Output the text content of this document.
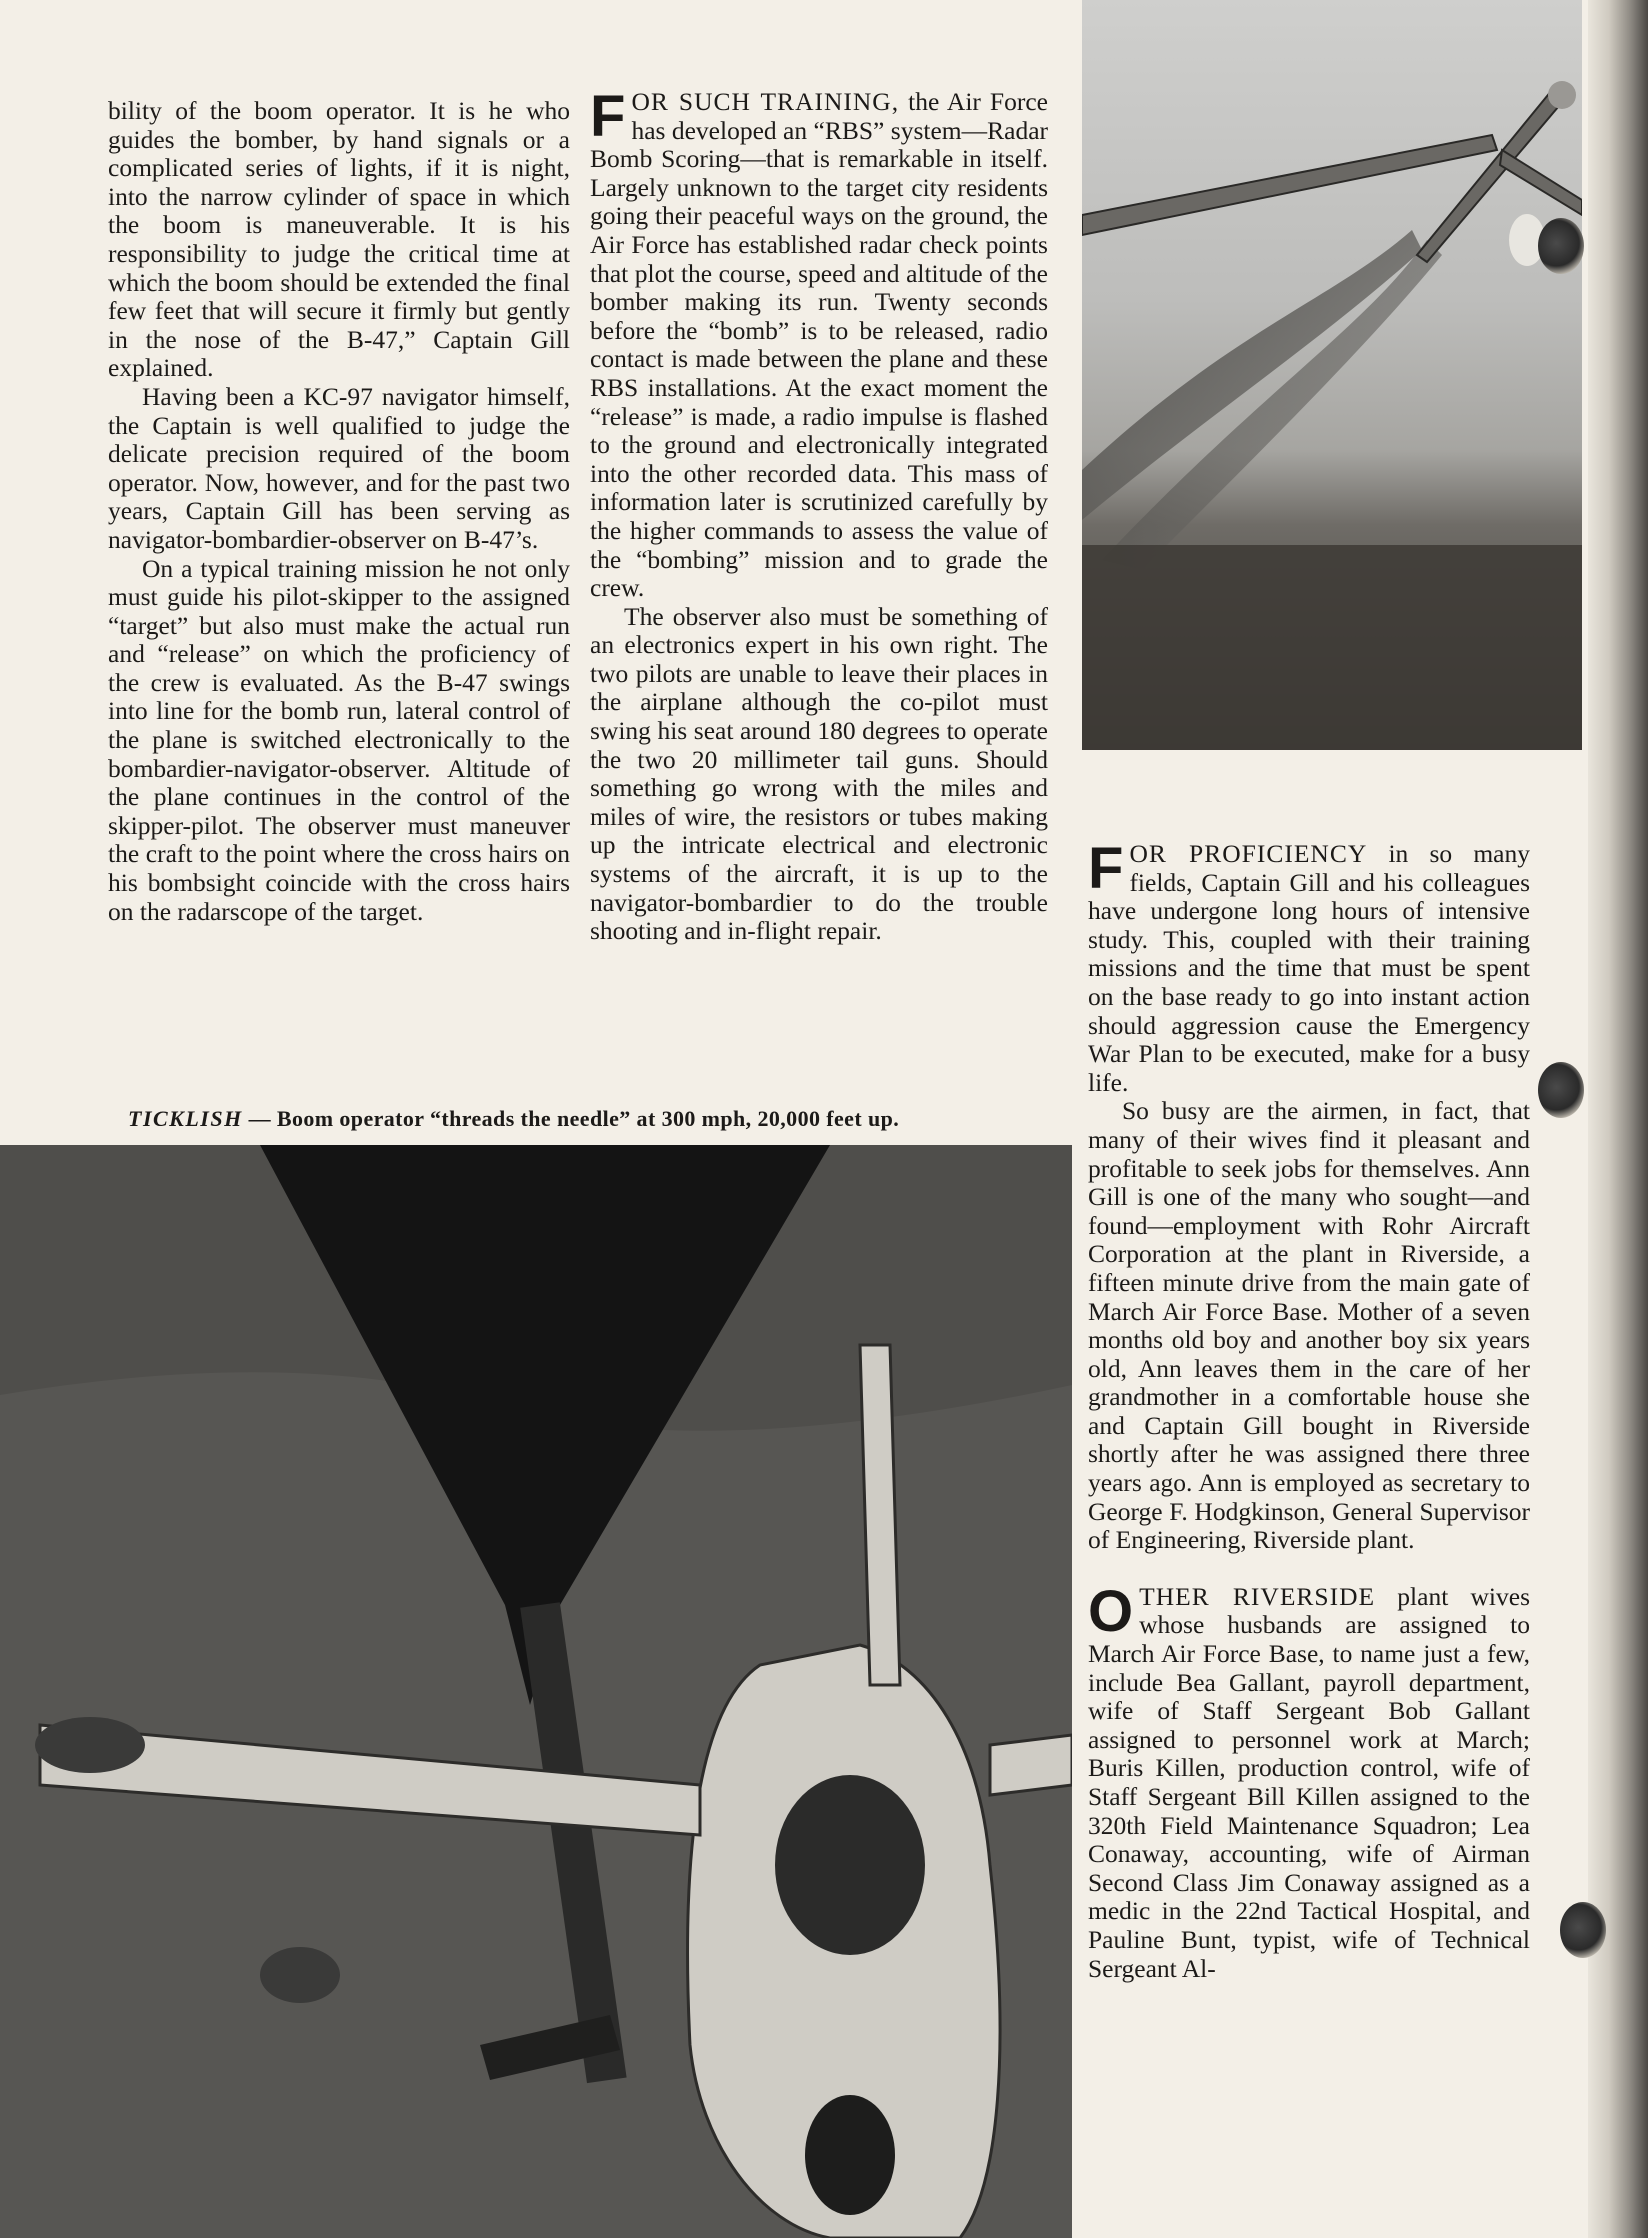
bility of the boom operator. It is he who guides the bomber, by hand signals or a complicated series of lights, if it is night, into the narrow cylinder of space in which the boom is maneuverable. It is his responsibility to judge the critical time at which the boom should be extended the final few feet that will secure it firmly but gently in the nose of the B-47,” Captain Gill explained.

Having been a KC-97 navigator himself, the Captain is well qualified to judge the delicate precision required of the boom operator. Now, however, and for the past two years, Captain Gill has been serving as navigator-bombardier-observer on B-47’s.

On a typical training mission he not only must guide his pilot-skipper to the assigned “target” but also must make the actual run and “release” on which the proficiency of the crew is evaluated. As the B-47 swings into line for the bomb run, lateral control of the plane is switched electronically to the bombardier-navigator-observer. Altitude of the plane continues in the control of the skipper-pilot. The observer must maneuver the craft to the point where the cross hairs on his bombsight coincide with the cross hairs on the radarscope of the target.

FOR SUCH TRAINING, the Air Force has developed an “RBS” system—Radar Bomb Scoring—that is remarkable in itself. Largely unknown to the target city residents going their peaceful ways on the ground, the Air Force has established radar check points that plot the course, speed and altitude of the bomber making its run. Twenty seconds before the “bomb” is to be released, radio contact is made between the plane and these RBS installations. At the exact moment the “release” is made, a radio impulse is flashed to the ground and electronically integrated into the other recorded data. This mass of information later is scrutinized carefully by the higher commands to assess the value of the “bombing” mission and to grade the crew.

The observer also must be something of an electronics expert in his own right. The two pilots are unable to leave their places in the airplane although the co-pilot must swing his seat around 180 degrees to operate the two 20 millimeter tail guns. Should something go wrong with the miles and miles of wire, the resistors or tubes making up the intricate electrical and electronic systems of the aircraft, it is up to the navigator-bombardier to do the trouble shooting and in-flight repair.

TICKLISH — Boom operator “threads the needle” at 300 mph, 20,000 feet up.

FOR PROFICIENCY in so many fields, Captain Gill and his colleagues have undergone long hours of intensive study. This, coupled with their training missions and the time that must be spent on the base ready to go into instant action should aggression cause the Emergency War Plan to be executed, make for a busy life.

So busy are the airmen, in fact, that many of their wives find it pleasant and profitable to seek jobs for themselves. Ann Gill is one of the many who sought—and found—employment with Rohr Aircraft Corporation at the plant in Riverside, a fifteen minute drive from the main gate of March Air Force Base. Mother of a seven months old boy and another boy six years old, Ann leaves them in the care of her grandmother in a comfortable house she and Captain Gill bought in Riverside shortly after he was assigned there three years ago. Ann is employed as secretary to George F. Hodgkinson, General Supervisor of Engineering, Riverside plant.

OTHER RIVERSIDE plant wives whose husbands are assigned to March Air Force Base, to name just a few, include Bea Gallant, payroll department, wife of Staff Sergeant Bob Gallant assigned to personnel work at March; Buris Killen, production control, wife of Staff Sergeant Bill Killen assigned to the 320th Field Maintenance Squadron; Lea Conaway, accounting, wife of Airman Second Class Jim Conaway assigned as a medic in the 22nd Tactical Hospital, and Pauline Bunt, typist, wife of Technical Sergeant Al-
